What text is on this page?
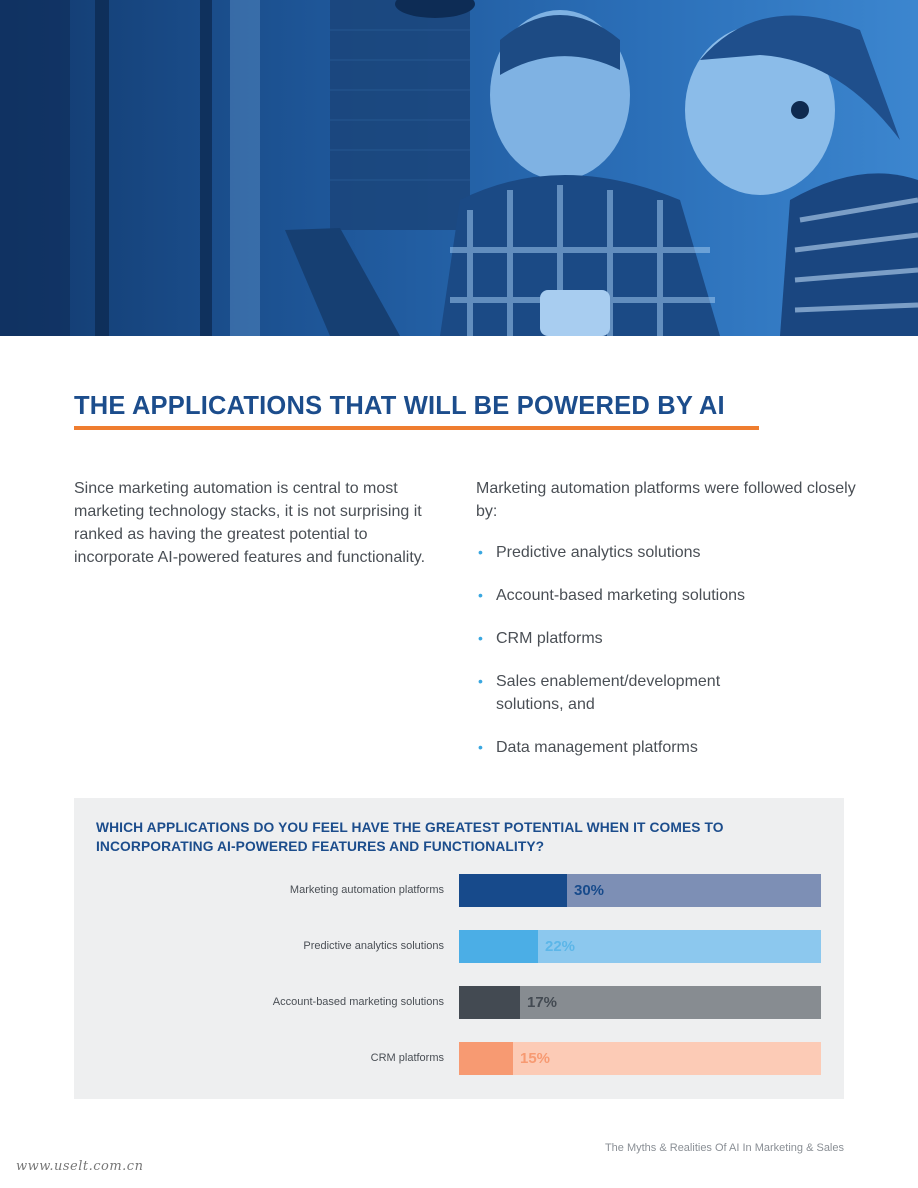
THE APPLICATIONS THAT WILL BE POWERED BY AI

Since marketing automation is central to most marketing technology stacks, it is not surprising it ranked as having the greatest potential to incorporate AI-powered features and functionality.

Marketing automation platforms were followed closely by:

• Predictive analytics solutions
• Account-based marketing solutions
• CRM platforms
• Sales enablement/development solutions, and
• Data management platforms
WHICH APPLICATIONS DO YOU FEEL HAVE THE GREATEST POTENTIAL WHEN IT COMES TO INCORPORATING AI-POWERED FEATURES AND FUNCTIONALITY?
Marketing automation platforms	30%
Predictive analytics solutions	22%
Account-based marketing solutions	17%
CRM platforms	15%
The Myths & Realities Of AI In Marketing & Sales
www.uselt.com.cn
